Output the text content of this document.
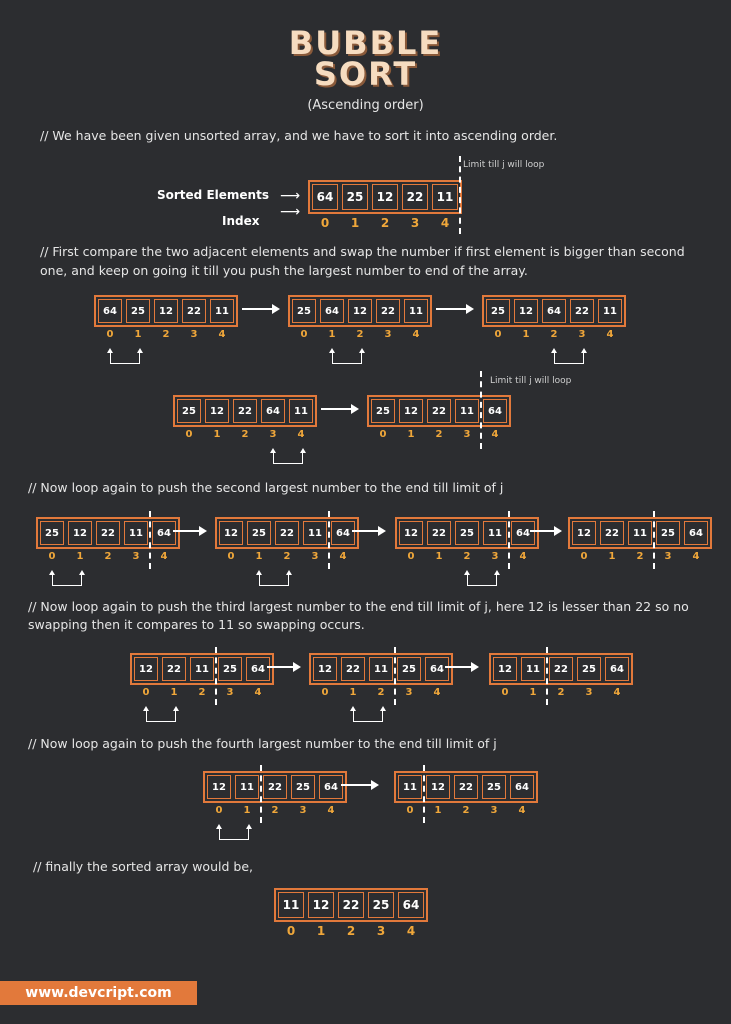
BUBBLE
SORT
(Ascending order)
// We have been given unsorted array, and we have to sort it into ascending order.
Limit till j will loop
Sorted Elements
Index
⟶
⟶
64	25	12	22	11
0	1	2	3	4
64	25	12	22	11
0	1	2	3	4
25	64	12	22	11
0	1	2	3	4
25	12	64	22	11
0	1	2	3	4
25	12	22	64	11
0	1	2	3	4
25	12	22	11	64
0	1	2	3	4
25	12	22	11	64
0	1	2	3	4
12	25	22	11	64
0	1	2	3	4
12	22	25	11	64
0	1	2	3	4
12	22	11	25	64
0	1	2	3	4
12	22	11	25	64
0	1	2	3	4
12	22	11	25	64
0	1	2	3	4
12	11	22	25	64
0	1	2	3	4
12	11	22	25	64
0	1	2	3	4
11	12	22	25	64
0	1	2	3	4
11	12	22	25	64
0	1	2	3	4
// First compare the two adjacent elements and swap the number if first element is bigger than second
one, and keep on going it till you push the largest number to end of the array.
Limit till j will loop
// Now loop again to push the second largest number to the end till limit of j
// Now loop again to push the third largest number to the end till limit of j, here 12 is lesser than 22 so no
swapping then it compares to 11 so swapping occurs.
// Now loop again to push the fourth largest number to the end till limit of j
// finally the sorted array would be,
www.devcript.com
